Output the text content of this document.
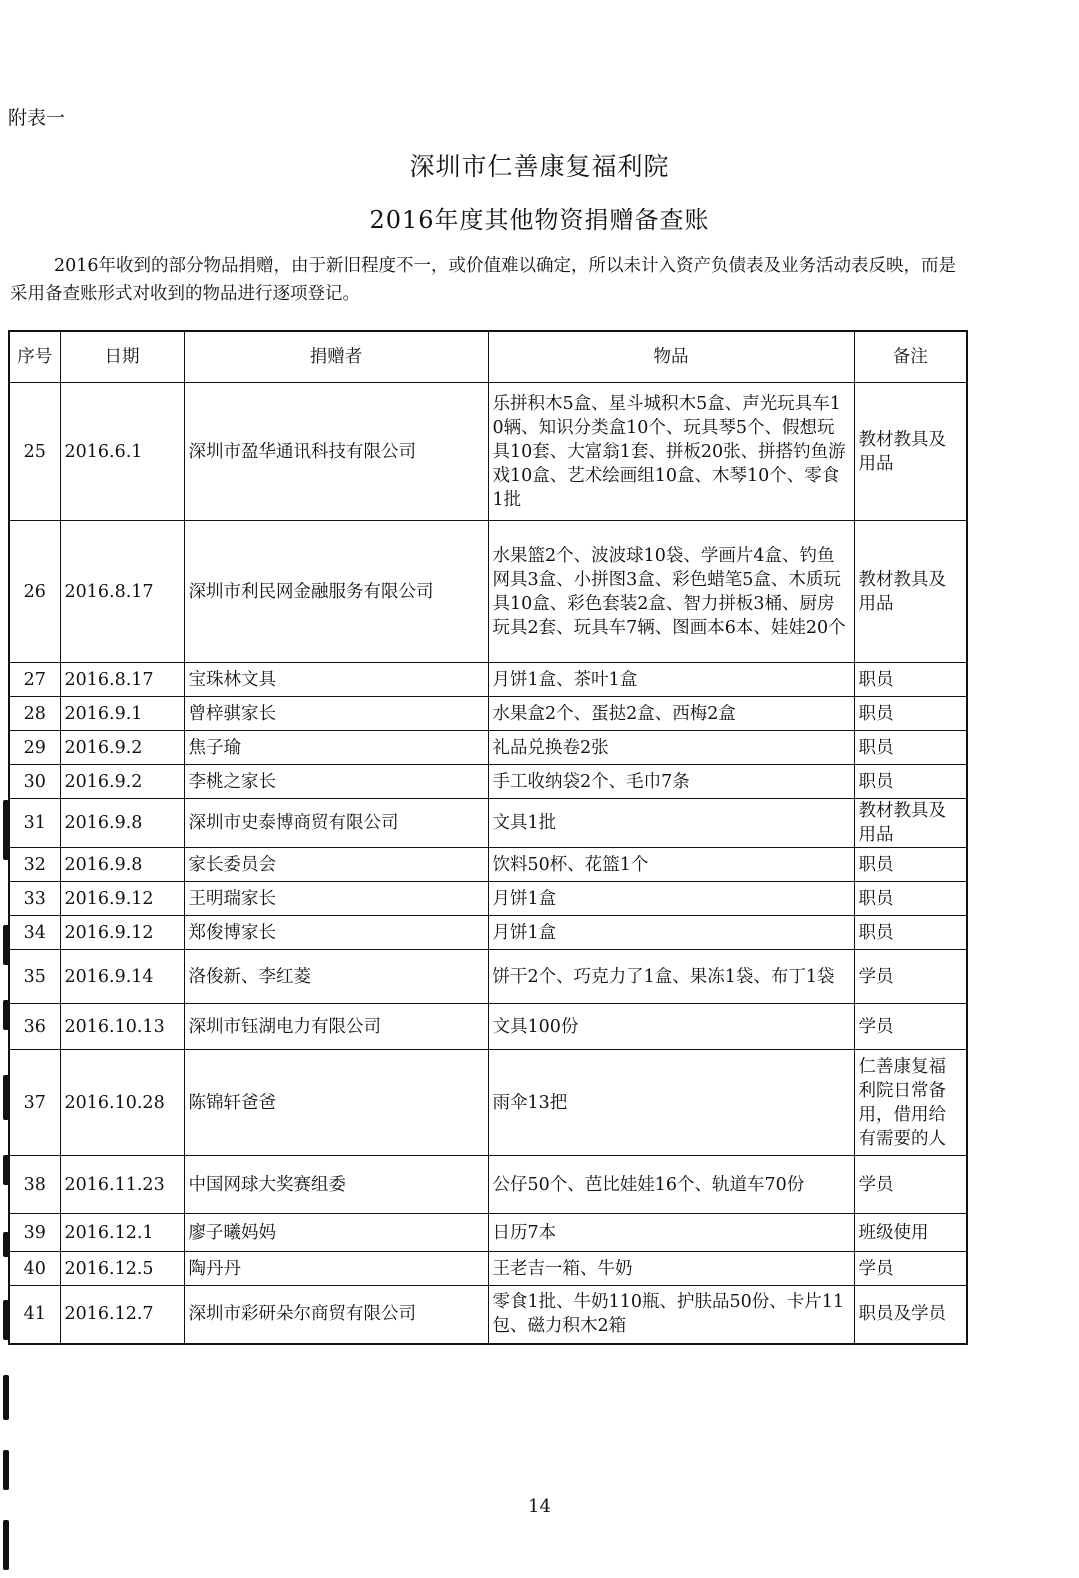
附表一
深圳市仁善康复福利院
2016年度其他物资捐赠备查账
2016年收到的部分物品捐赠，由于新旧程度不一，或价值难以确定，所以未计入资产负债表及业务活动表反映，而是采用备查账形式对收到的物品进行逐项登记。
序号	日期	捐赠者	物品	备注
25	2016.6.1	深圳市盈华通讯科技有限公司	乐拼积木5盒、星斗城积木5盒、声光玩具车10辆、知识分类盒10个、玩具琴5个、假想玩具10套、大富翁1套、拼板20张、拼搭钓鱼游戏10盒、艺术绘画组10盒、木琴10个、零食1批	教材教具及用品
26	2016.8.17	深圳市利民网金融服务有限公司	水果篮2个、波波球10袋、学画片4盒、钓鱼网具3盒、小拼图3盒、彩色蜡笔5盒、木质玩具10盒、彩色套装2盒、智力拼板3桶、厨房玩具2套、玩具车7辆、图画本6本、娃娃20个	教材教具及用品
27	2016.8.17	宝珠林文具	月饼1盒、茶叶1盒	职员
28	2016.9.1	曾梓骐家长	水果盒2个、蛋挞2盒、西梅2盒	职员
29	2016.9.2	焦子瑜	礼品兑换卷2张	职员
30	2016.9.2	李桃之家长	手工收纳袋2个、毛巾7条	职员
31	2016.9.8	深圳市史泰博商贸有限公司	文具1批	教材教具及用品
32	2016.9.8	家长委员会	饮料50杯、花篮1个	职员
33	2016.9.12	王明瑞家长	月饼1盒	职员
34	2016.9.12	郑俊博家长	月饼1盒	职员
35	2016.9.14	洛俊新、李红菱	饼干2个、巧克力了1盒、果冻1袋、布丁1袋	学员
36	2016.10.13	深圳市钰湖电力有限公司	文具100份	学员
37	2016.10.28	陈锦轩爸爸	雨伞13把	仁善康复福利院日常备用，借用给有需要的人
38	2016.11.23	中国网球大奖赛组委	公仔50个、芭比娃娃16个、轨道车70份	学员
39	2016.12.1	廖子曦妈妈	日历7本	班级使用
40	2016.12.5	陶丹丹	王老吉一箱、牛奶	学员
41	2016.12.7	深圳市彩研朵尔商贸有限公司	零食1批、牛奶110瓶、护肤品50份、卡片11包、磁力积木2箱	职员及学员
14
